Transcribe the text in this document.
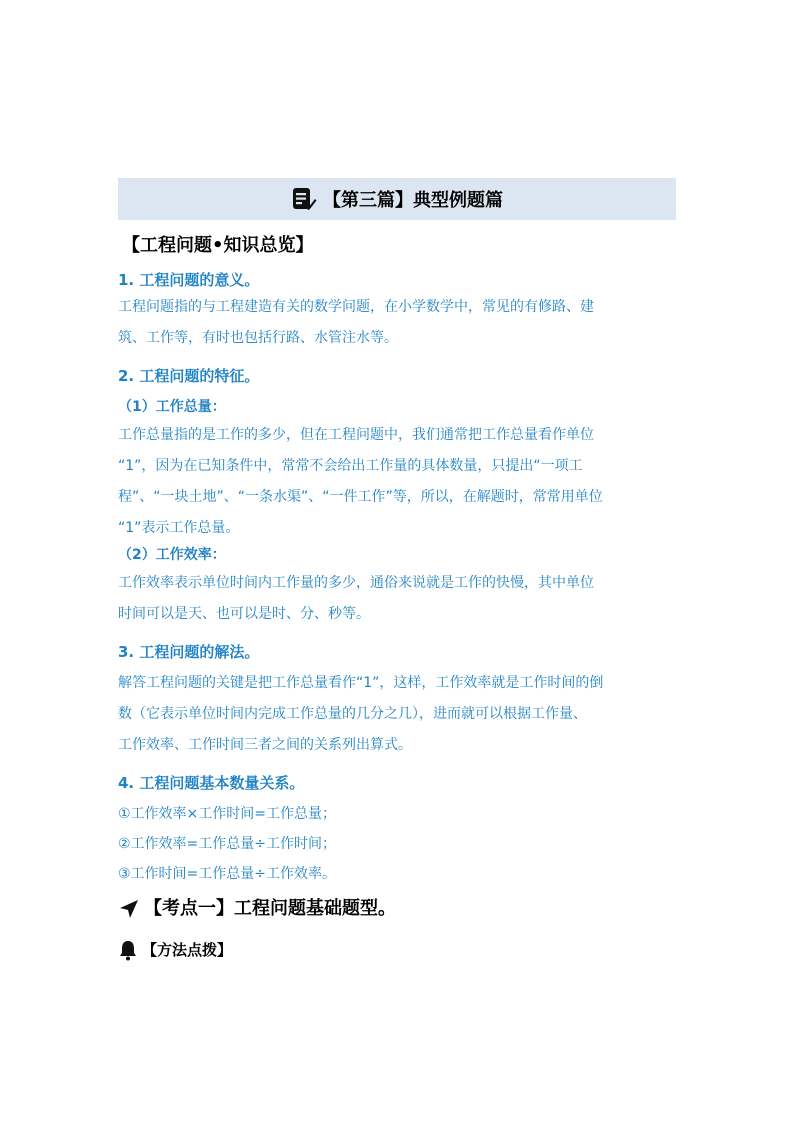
【第三篇】典型例题篇
【工程问题•知识总览】
1. 工程问题的意义。
工程问题指的与工程建造有关的数学问题，在小学数学中，常见的有修路、建
筑、工作等，有时也包括行路、水管注水等。
2. 工程问题的特征。
（1）工作总量：
工作总量指的是工作的多少，但在工程问题中，我们通常把工作总量看作单位
“1”，因为在已知条件中，常常不会给出工作量的具体数量，只提出“一项工
程”、“一块土地”、“一条水渠”、“一件工作”等，所以，在解题时，常常用单位
“1”表示工作总量。
（2）工作效率：
工作效率表示单位时间内工作量的多少，通俗来说就是工作的快慢，其中单位
时间可以是天、也可以是时、分、秒等。
3. 工程问题的解法。
解答工程问题的关键是把工作总量看作“1”，这样，工作效率就是工作时间的倒
数（它表示单位时间内完成工作总量的几分之几），进而就可以根据工作量、
工作效率、工作时间三者之间的关系列出算式。
4. 工程问题基本数量关系。
①工作效率×工作时间=工作总量；
②工作效率=工作总量÷工作时间；
③工作时间=工作总量÷工作效率。
【考点一】工程问题基础题型。
【方法点拨】
